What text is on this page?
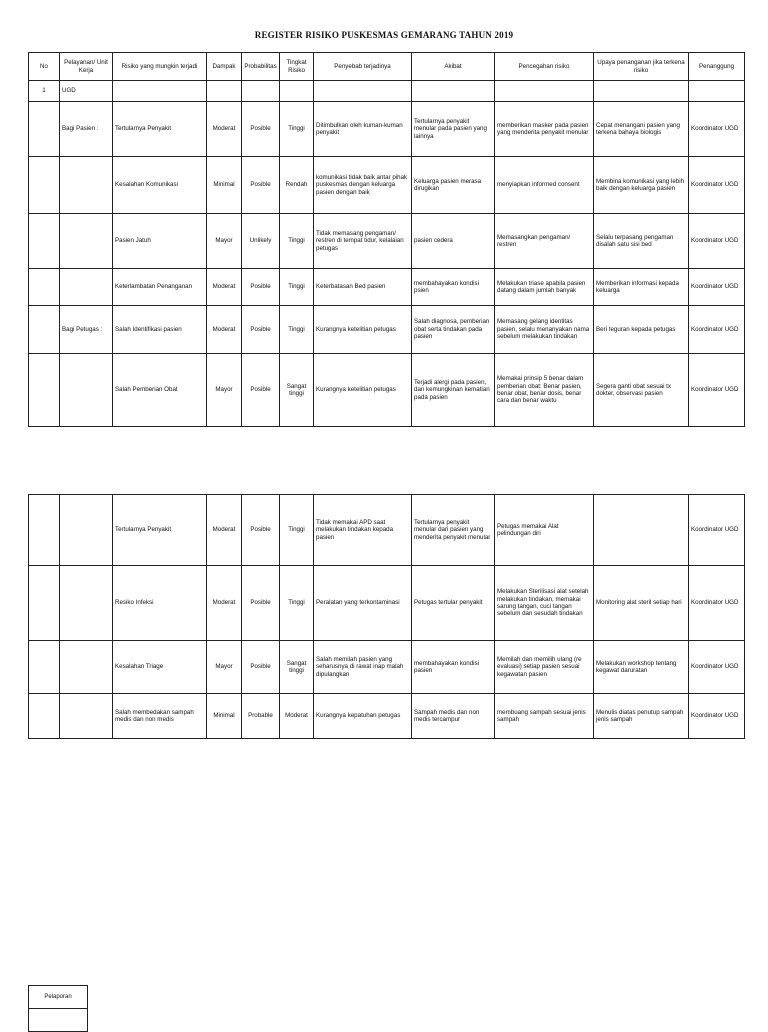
REGISTER RISIKO PUSKESMAS GEMARANG TAHUN 2019
No	Pelayanan/ Unit Kerja	Risiko yang mungkin terjadi	Dampak	Probabilitas	Tingkat Risiko	Penyebab terjadinya	Akibat	Pencegahan risiko	Upaya penanganan jika terkena risiko	Penanggung
1	UGD									
	Bagi Pasien :	Tertularnya Penyakit	Moderat	Posible	Tinggi	Ditimbulkan oleh kuman-kuman penyakit	Tertularnya penyakit menular pada pasien yang lainnya	memberikan masker pada pasien yang menderita penyakit menular	Cepat menangani pasien yang terkena bahaya biologis	Koordinator UGD
		Kesalahan Komunikasi	Minimal	Posible	Rendah	komunikasi tidak baik antar pihak puskesmas dengan keluarga pasien dengan baik	Keluarga pasien merasa dirugikan	menyiapkan informed consent	Membina komunikasi yang lebih baik dengan keluarga pasien	Koordinator UGD
		Pasien Jatuh	Mayor	Unlikely	Tinggi	Tidak memasang pengaman/ restren di tempat tidur, kelalaian petugas	pasien cedera	Memasangkan pengaman/ restren	Selalu terpasang pengaman disalah satu sisi bed	Koordinator UGD
		Keterlambatan Penanganan	Moderat	Posible	Tinggi	Keterbatasan Bed pasien	membahayakan kondisi psien	Melakukan triase apabila pasien datang dalam jumlah banyak	Memberikan informasi kepada keluarga	Koordinator UGD
	Bagi Petugas :	Salah Identifikasi pasien	Moderat	Posible	Tinggi	Kurangnya ketelitian petugas	Salah diagnosa, pemberian obat serta tindakan pada pasien	Memasang gelang identitas pasien, selalu menanyakan nama sebelum melakukan tindakan	Beri teguran kepada petugas	Koordinator UGD
		Salah Pemberian Obat	Mayor	Posible	Sangat tinggi	Kurangnya ketelitian petugas	Terjadi alergi pada pasien, dan kemungkinan kematian pada pasien	Memakai prinsip 5 benar dalam pemberian obat: Benar pasien, benar obat, benar dosis, benar cara dan benar waktu	Segera ganti obat sesuai tx dokter, observasi pasien	Koordinator UGD
		Tertularnya Penyakit	Moderat	Posible	Tinggi	Tidak memakai APD saat melakukan tindakan kepada pasien	Tertularnya penyakit menular dari pasien yang menderita penyakit menular	Petugas memakai Alat pelindungan diri		Koordinator UGD
		Resiko Infeksi	Moderat	Posible	Tinggi	Peralatan yang terkontaminasi	Petugas tertular penyakit	Melakukan Sterilisasi alat setelah melakukan tindakan, memakai sarung tangan, cuci tangan sebelum dan sesudah tindakan	Monitoring alat steril setiap hari	Koordinator UGD
		Kesalahan Triage	Mayor	Posible	Sangat tinggi	Salah memilah pasien yang seharusnya di rawat inap malah dipulangkan	membahayakan kondisi pasien	Memilah dan memilih ulang (re evaluasi) setiap pasien sesuai kegawatan pasien	Melakukan workshop tentang kegawat daruratan	Koordinator UGD
		Salah membedakan sampah medis dan non medis	Minimal	Probable	Moderat	Kurangnya kepatuhan petugas	Sampah medis dan non medis tercampur	membuang sampah sesuai jenis sampah	Menulis diatas penutup sampah jenis sampah	Koordinator UGD
Pelaporan
